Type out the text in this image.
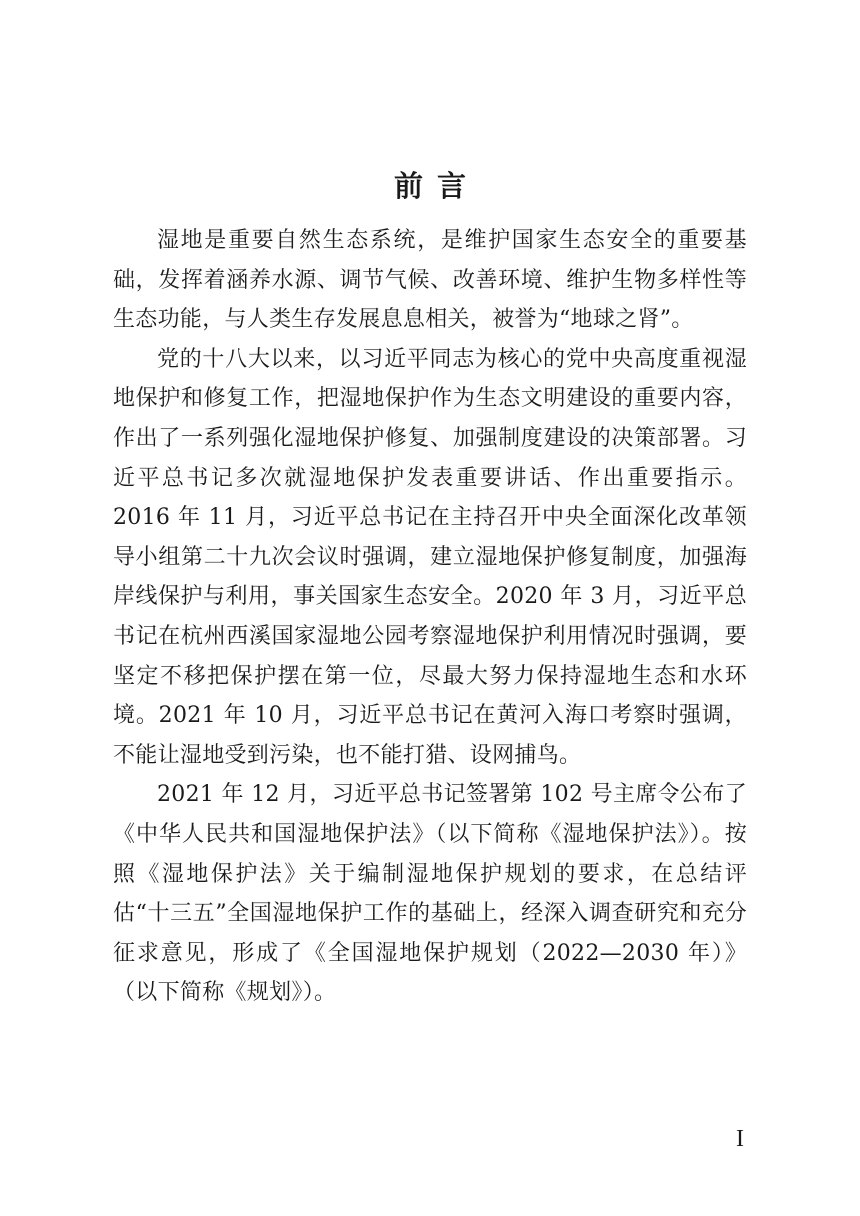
前言

湿地是重要自然生态系统，是维护国家生态安全的重要基础，发挥着涵养水源、调节气候、改善环境、维护生物多样性等生态功能，与人类生存发展息息相关，被誉为“地球之肾”。

党的十八大以来，以习近平同志为核心的党中央高度重视湿地保护和修复工作，把湿地保护作为生态文明建设的重要内容，作出了一系列强化湿地保护修复、加强制度建设的决策部署。习近平总书记多次就湿地保护发表重要讲话、作出重要指示。2016 年 11 月，习近平总书记在主持召开中央全面深化改革领导小组第二十九次会议时强调，建立湿地保护修复制度，加强海岸线保护与利用，事关国家生态安全。2020 年 3 月，习近平总书记在杭州西溪国家湿地公园考察湿地保护利用情况时强调，要坚定不移把保护摆在第一位，尽最大努力保持湿地生态和水环境。2021 年 10 月，习近平总书记在黄河入海口考察时强调，不能让湿地受到污染，也不能打猎、设网捕鸟。

2021 年 12 月，习近平总书记签署第 102 号主席令公布了《中华人民共和国湿地保护法》（以下简称《湿地保护法》）。按照《湿地保护法》关于编制湿地保护规划的要求，在总结评估“十三五”全国湿地保护工作的基础上，经深入调查研究和充分征求意见，形成了《全国湿地保护规划（2022—2030 年）》（以下简称《规划》）。

I
